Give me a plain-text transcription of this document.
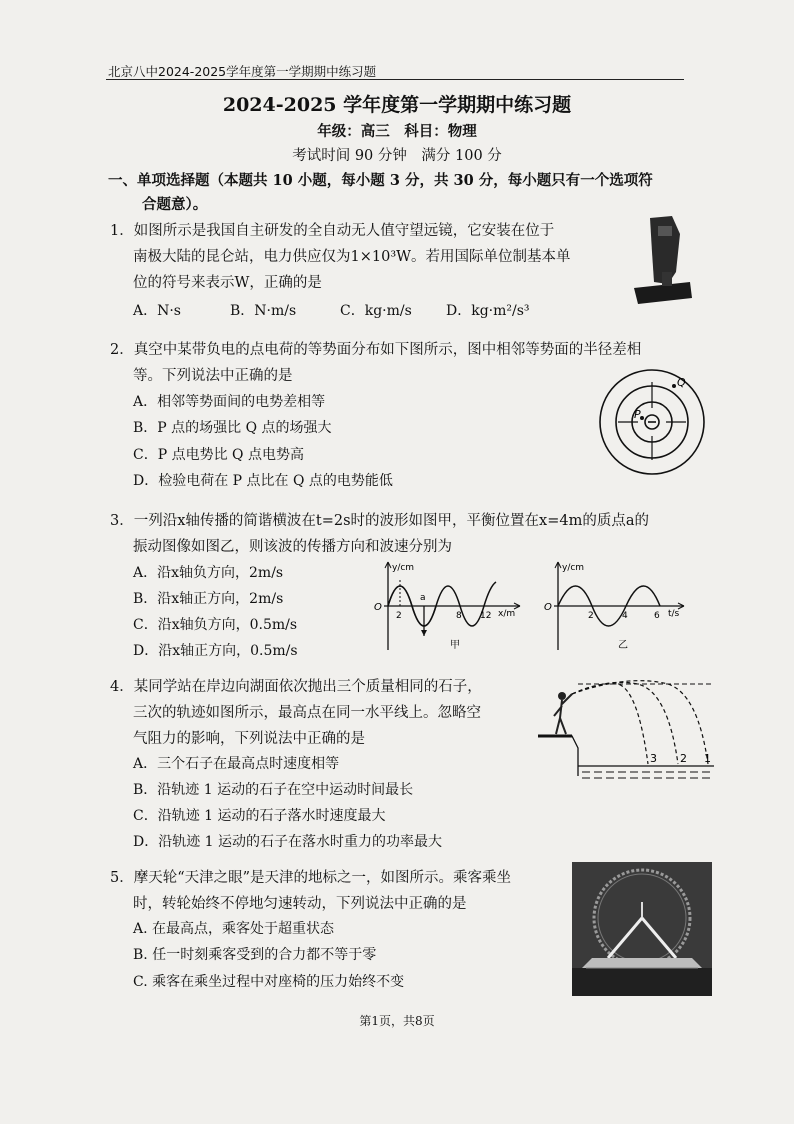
北京八中2024-2025学年度第一学期期中练习题
2024-2025 学年度第一学期期中练习题
年级：高三　科目：物理
考试时间 90 分钟　满分 100 分
一、单项选择题（本题共 10 小题，每小题 3 分，共 30 分，每小题只有一个选项符
合题意）。
1．如图所示是我国自主研发的全自动无人值守望远镜，它安装在位于
南极大陆的昆仑站，电力供应仅为1×10³W。若用国际单位制基本单
位的符号来表示W，正确的是
A．N·s	B．N·m/s	C．kg·m/s D．kg·m²/s³
2．真空中某带负电的点电荷的等势面分布如下图所示，图中相邻等势面的半径差相
等。下列说法中正确的是
A．相邻等势面间的电势差相等
B．P 点的场强比 Q 点的场强大
C．P 点电势比 Q 点电势高
D．检验电荷在 P 点比在 Q 点的电势能低
P
Q
3．一列沿x轴传播的简谐横波在t=2s时的波形如图甲，平衡位置在x=4m的质点a的
振动图像如图乙，则该波的传播方向和波速分别为
A．沿x轴负方向，2m/s
B．沿x轴正方向，2m/s
C．沿x轴负方向，0.5m/s
D．沿x轴正方向，0.5m/s
y/cm
x/m
O
2
a
8 12
甲
y/cm
t/s
O
2	4	6
乙
4．某同学站在岸边向湖面依次抛出三个质量相同的石子，
三次的轨迹如图所示，最高点在同一水平线上。忽略空
气阻力的影响，下列说法中正确的是
A．三个石子在最高点时速度相等
B．沿轨迹 1 运动的石子在空中运动时间最长
C．沿轨迹 1 运动的石子落水时速度最大
D．沿轨迹 1 运动的石子在落水时重力的功率最大
3 2 1
5．摩天轮“天津之眼”是天津的地标之一，如图所示。乘客乘坐
时，转轮始终不停地匀速转动，下列说法中正确的是
A. 在最高点，乘客处于超重状态
B. 任一时刻乘客受到的合力都不等于零
C. 乘客在乘坐过程中对座椅的压力始终不变
第1页，共8页
